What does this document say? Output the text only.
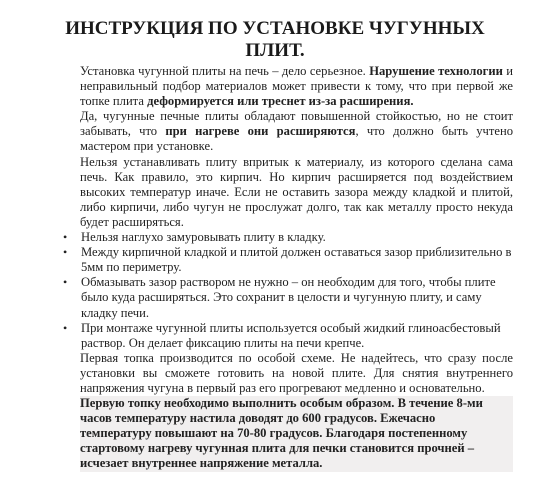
ИНСТРУКЦИЯ ПО УСТАНОВКЕ ЧУГУННЫХ
ПЛИТ.

Установка чугунной плиты на печь – дело серьезное. Нарушение технологии и неправильный подбор материалов может привести к тому, что при первой же топке плита деформируется или треснет из-за расширения.

Да, чугунные печные плиты обладают повышенной стойкостью, но не стоит забывать, что при нагреве они расширяются, что должно быть учтено мастером при установке.

Нельзя устанавливать плиту впритык к материалу, из которого сделана сама печь. Как правило, это кирпич. Но кирпич расширяется под воздействием высоких температур иначе. Если не оставить зазора между кладкой и плитой, либо кирпичи, либо чугун не прослужат долго, так как металлу просто некуда будет расширяться.

• Нельзя наглухо замуровывать плиту в кладку.
• Между кирпичной кладкой и плитой должен оставаться зазор приблизительно в 5мм по периметру.
• Обмазывать зазор раствором не нужно – он необходим для того, чтобы плите было куда расширяться. Это сохранит в целости и чугунную плиту, и саму кладку печи.
• При монтаже чугунной плиты используется особый жидкий глиноасбестовый раствор. Он делает фиксацию плиты на печи крепче.

Первая топка производится по особой схеме. Не надейтесь, что сразу после установки вы сможете готовить на новой плите. Для снятия внутреннего напряжения чугуна в первый раз его прогревают медленно и основательно.

Первую топку необходимо выполнить особым образом. В течение 8-ми
часов температуру настила доводят до 600 градусов. Ежечасно
температуру повышают на 70-80 градусов. Благодаря постепенному
стартовому нагреву чугунная плита для печки становится прочней –
исчезает внутреннее напряжение металла.
